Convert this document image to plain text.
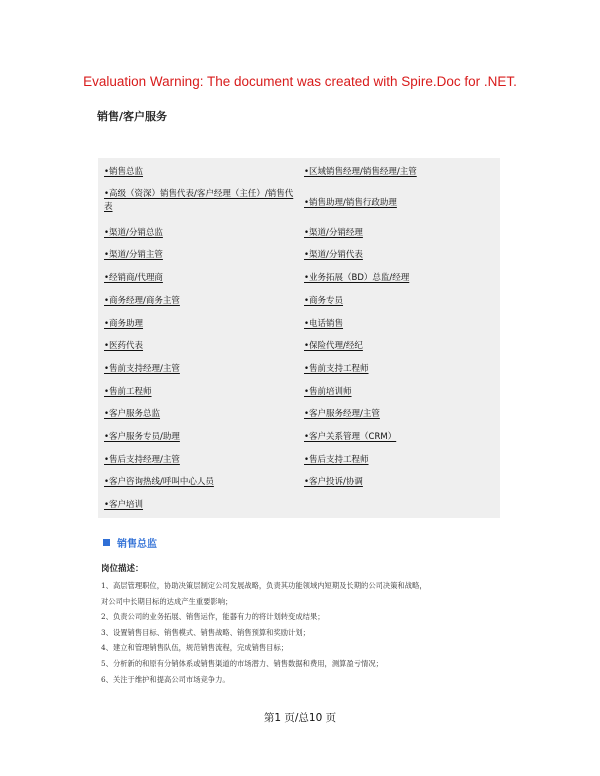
Evaluation Warning: The document was created with Spire.Doc for .NET.
销售/客户服务
•销售总监
•高级（资深）销售代表/客户经理（主任）/销售代表
•渠道/分销总监
•渠道/分销主管
•经销商/代理商
•商务经理/商务主管
•商务助理
•医药代表
•售前支持经理/主管
•售前工程师
•客户服务总监
•客户服务专员/助理
•售后支持经理/主管
•客户咨询热线/呼叫中心人员
•客户培训
•区域销售经理/销售经理/主管
•销售助理/销售行政助理
•渠道/分销经理
•渠道/分销代表
•业务拓展（BD）总监/经理
•商务专员
•电话销售
•保险代理/经纪
•售前支持工程师
•售前培训师
•客户服务经理/主管
•客户关系管理（CRM）
•售后支持工程师
•客户投诉/协调
销售总监
岗位描述：
1、高层管理职位，协助决策层制定公司发展战略，负责其功能领域内短期及长期的公司决策和战略，
对公司中长期目标的达成产生重要影响；
2、负责公司的业务拓展、销售运作，能器有力的将计划转变成结果；
3、设置销售目标、销售模式、销售战略、销售预算和奖励计划；
4、建立和管理销售队伍，规范销售流程，完成销售目标；
5、分析新的和原有分销体系或销售渠道的市场潜力、销售数据和费用，测算盈亏情况；
6、关注于维护和提高公司市场竞争力。
第1 页/总10 页
